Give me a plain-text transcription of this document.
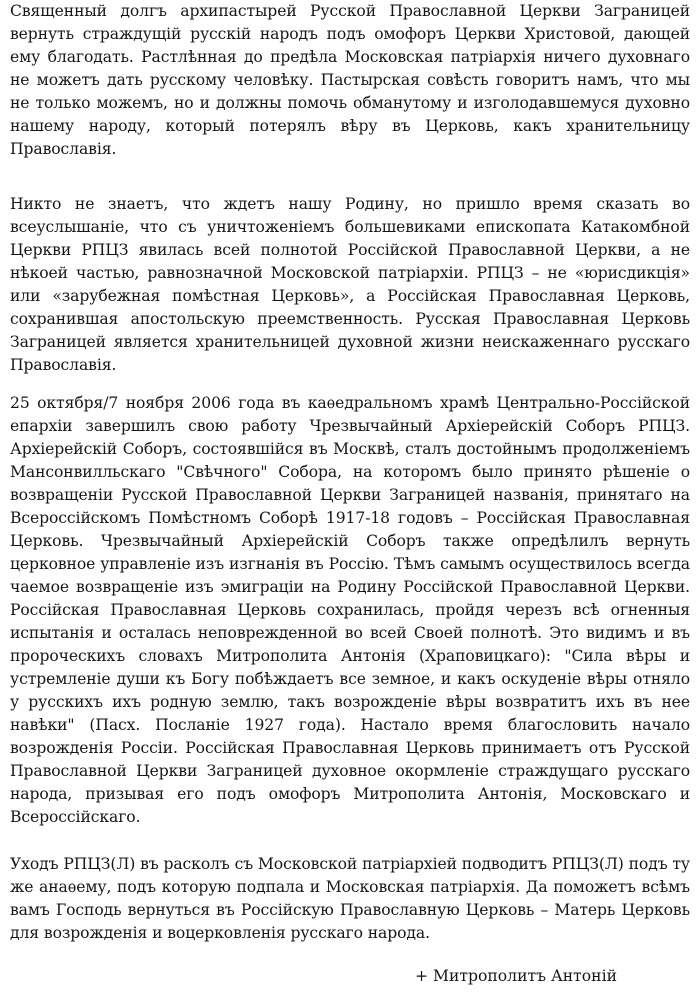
Священный долгъ архипастырей Русской Православной Церкви Заграницей вернуть страждущій русскій народъ подъ омофоръ Церкви Христовой, дающей ему благодать. Растлѣнная до предѣла Московская патріархія ничего духовнаго не можетъ дать русскому человѣку. Пастырская совѣсть говоритъ намъ, что мы не только можемъ, но и должны помочь обманутому и изголодавшемуся духовно нашему народу, который потерялъ вѣру въ Церковь, какъ хранительницу Православія.

Никто не знаетъ, что ждетъ нашу Родину, но пришло время сказать во всеуслышаніе, что съ уничтоженіемъ большевиками епископата Катакомбной Церкви РПЦЗ явилась всей полнотой Россійской Православной Церкви, а не нѣкоей частью, равнозначной Московской патріархіи. РПЦЗ – не «юрисдикція» или «зарубежная помѣстная Церковь», а Россійская Православная Церковь, сохранившая апостольскую преемственность. Русская Православная Церковь Заграницей является хранительницей духовной жизни неискаженнаго русскаго Православія.

25 октября/7 ноября 2006 года въ каѳедральномъ храмѣ Центрально-Россійской епархіи завершилъ свою работу Чрезвычайный Архіерейскій Соборъ РПЦЗ. Архіерейскій Соборъ, состоявшійся въ Москвѣ, сталъ достойнымъ продолженіемъ Мансонвилльскаго "Свѣчного" Собора, на которомъ было принято рѣшеніе о возвращеніи Русской Православной Церкви Заграницей названія, принятаго на Всероссійскомъ Помѣстномъ Соборѣ 1917-18 годовъ – Россійская Православная Церковь. Чрезвычайный Архіерейскій Соборъ также опредѣлилъ вернуть церковное управленіе изъ изгнанія въ Россію. Тѣмъ самымъ осуществилось всегда чаемое возвращеніе изъ эмиграціи на Родину Россійской Православной Церкви. Россійская Православная Церковь сохранилась, пройдя черезъ всѣ огненныя испытанія и осталась неповрежденной во всей Своей полнотѣ. Это видимъ и въ пророческихъ словахъ Митрополита Антонія (Храповицкаго): "Сила вѣры и устремленіе души къ Богу побѣждаетъ все земное, и какъ оскуденіе вѣры отняло у русскихъ ихъ родную землю, такъ возрожденіе вѣры возвратитъ ихъ въ нее навѣки" (Пасх. Посланіе 1927 года). Настало время благословить начало возрожденія Россіи. Россійская Православная Церковь принимаетъ отъ Русской Православной Церкви Заграницей духовное окормленіе страждущаго русскаго народа, призывая его подъ омофоръ Митрополита Антонія, Московскаго и Всероссійскаго.

Уходъ РПЦЗ(Л) въ расколъ съ Московской патріархіей подводитъ РПЦЗ(Л) подъ ту же анаѳему, подъ которую подпала и Московская патріархія. Да поможетъ всѣмъ вамъ Господь вернуться въ Россійскую Православную Церковь – Матерь Церковь для возрожденія и воцерковленія русскаго народа.

+ Митрополитъ Антоній
